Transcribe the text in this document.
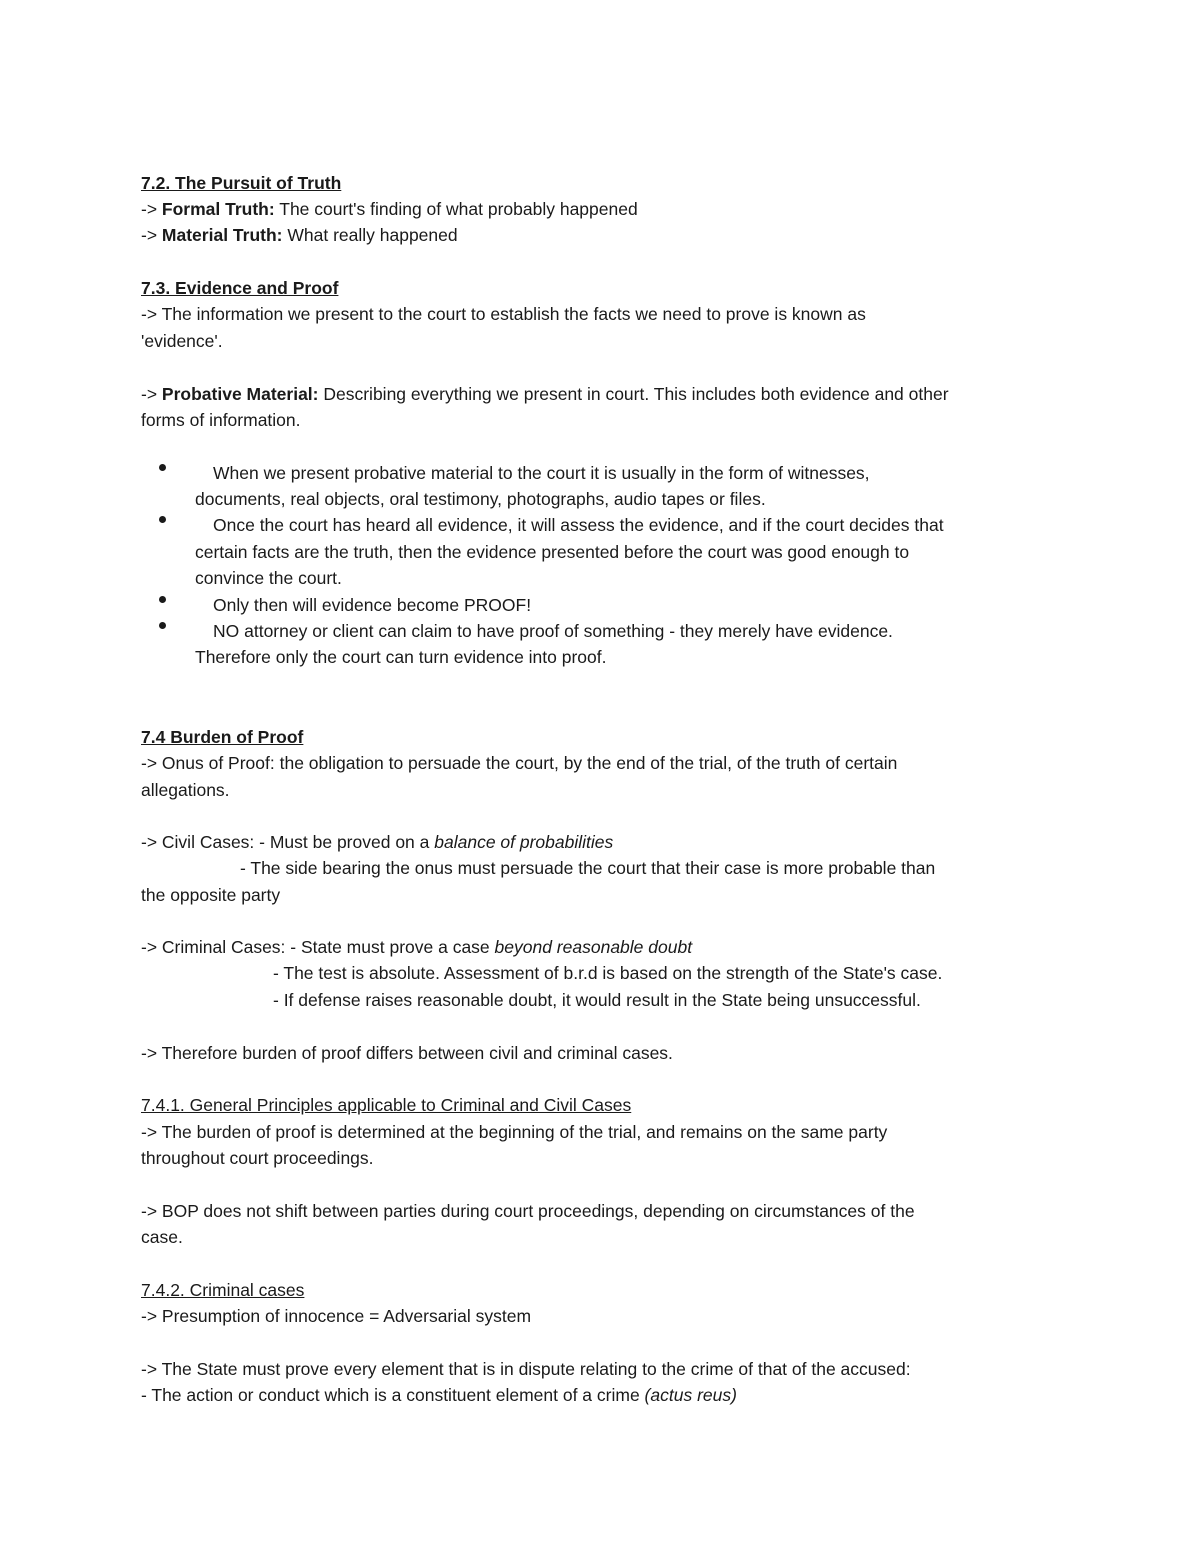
7.2. The Pursuit of Truth
-> Formal Truth: The court's finding of what probably happened
-> Material Truth: What really happened
7.3. Evidence and Proof
-> The information we present to the court to establish the facts we need to prove is known as
'evidence'.
-> Probative Material: Describing everything we present in court. This includes both evidence and other
forms of information.
When we present probative material to the court it is usually in the form of witnesses,
documents, real objects, oral testimony, photographs, audio tapes or files.
Once the court has heard all evidence, it will assess the evidence, and if the court decides that
certain facts are the truth, then the evidence presented before the court was good enough to
convince the court.
Only then will evidence become PROOF!
NO attorney or client can claim to have proof of something - they merely have evidence.
Therefore only the court can turn evidence into proof.
7.4 Burden of Proof
-> Onus of Proof: the obligation to persuade the court, by the end of the trial, of the truth of certain
allegations.
-> Civil Cases: - Must be proved on a balance of probabilities
- The side bearing the onus must persuade the court that their case is more probable than
the opposite party
-> Criminal Cases: - State must prove a case beyond reasonable doubt
- The test is absolute. Assessment of b.r.d is based on the strength of the State's case.
- If defense raises reasonable doubt, it would result in the State being unsuccessful.
-> Therefore burden of proof differs between civil and criminal cases.
7.4.1. General Principles applicable to Criminal and Civil Cases
-> The burden of proof is determined at the beginning of the trial, and remains on the same party
throughout court proceedings.
-> BOP does not shift between parties during court proceedings, depending on circumstances of the
case.
7.4.2. Criminal cases
-> Presumption of innocence = Adversarial system
-> The State must prove every element that is in dispute relating to the crime of that of the accused:
- The action or conduct which is a constituent element of a crime (actus reus)
